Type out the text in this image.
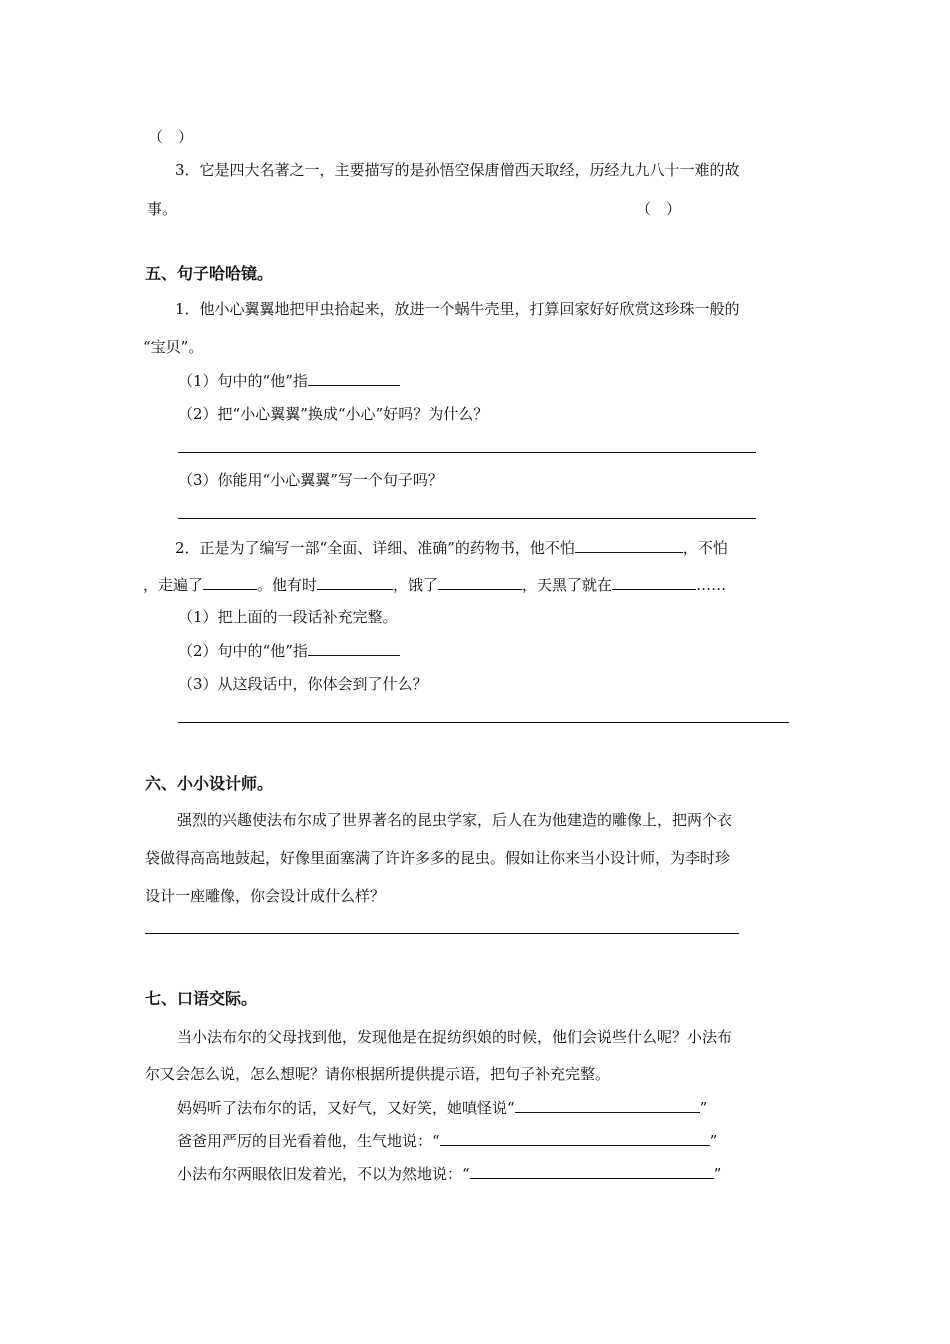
（　）
3．它是四大名著之一，主要描写的是孙悟空保唐僧西天取经，历经九九八十一难的故
事。	（　）
五、句子哈哈镜。
1．他小心翼翼地把甲虫拾起来，放进一个蜗牛壳里，打算回家好好欣赏这珍珠一般的
“宝贝”。
（1）句中的“他”指
（2）把“小心翼翼”换成“小心”好吗？为什么？
（3）你能用“小心翼翼”写一个句子吗？
2．正是为了编写一部“全面、详细、准确”的药物书，他不怕	，不怕
，走遍了	。他有时	，饿了	，天黑了就在	……
（1）把上面的一段话补充完整。
（2）句中的“他”指
（3）从这段话中，你体会到了什么？
六、小小设计师。
强烈的兴趣使法布尔成了世界著名的昆虫学家，后人在为他建造的雕像上，把两个衣
袋做得高高地鼓起，好像里面塞满了许许多多的昆虫。假如让你来当小设计师，为李时珍
设计一座雕像，你会设计成什么样？
七、口语交际。
当小法布尔的父母找到他，发现他是在捉纺织娘的时候，他们会说些什么呢？小法布
尔又会怎么说，怎么想呢？请你根据所提供提示语，把句子补充完整。
妈妈听了法布尔的话，又好气，又好笑，她嗔怪说“	”
爸爸用严厉的目光看着他，生气地说：“	”
小法布尔两眼依旧发着光，不以为然地说：“	”
